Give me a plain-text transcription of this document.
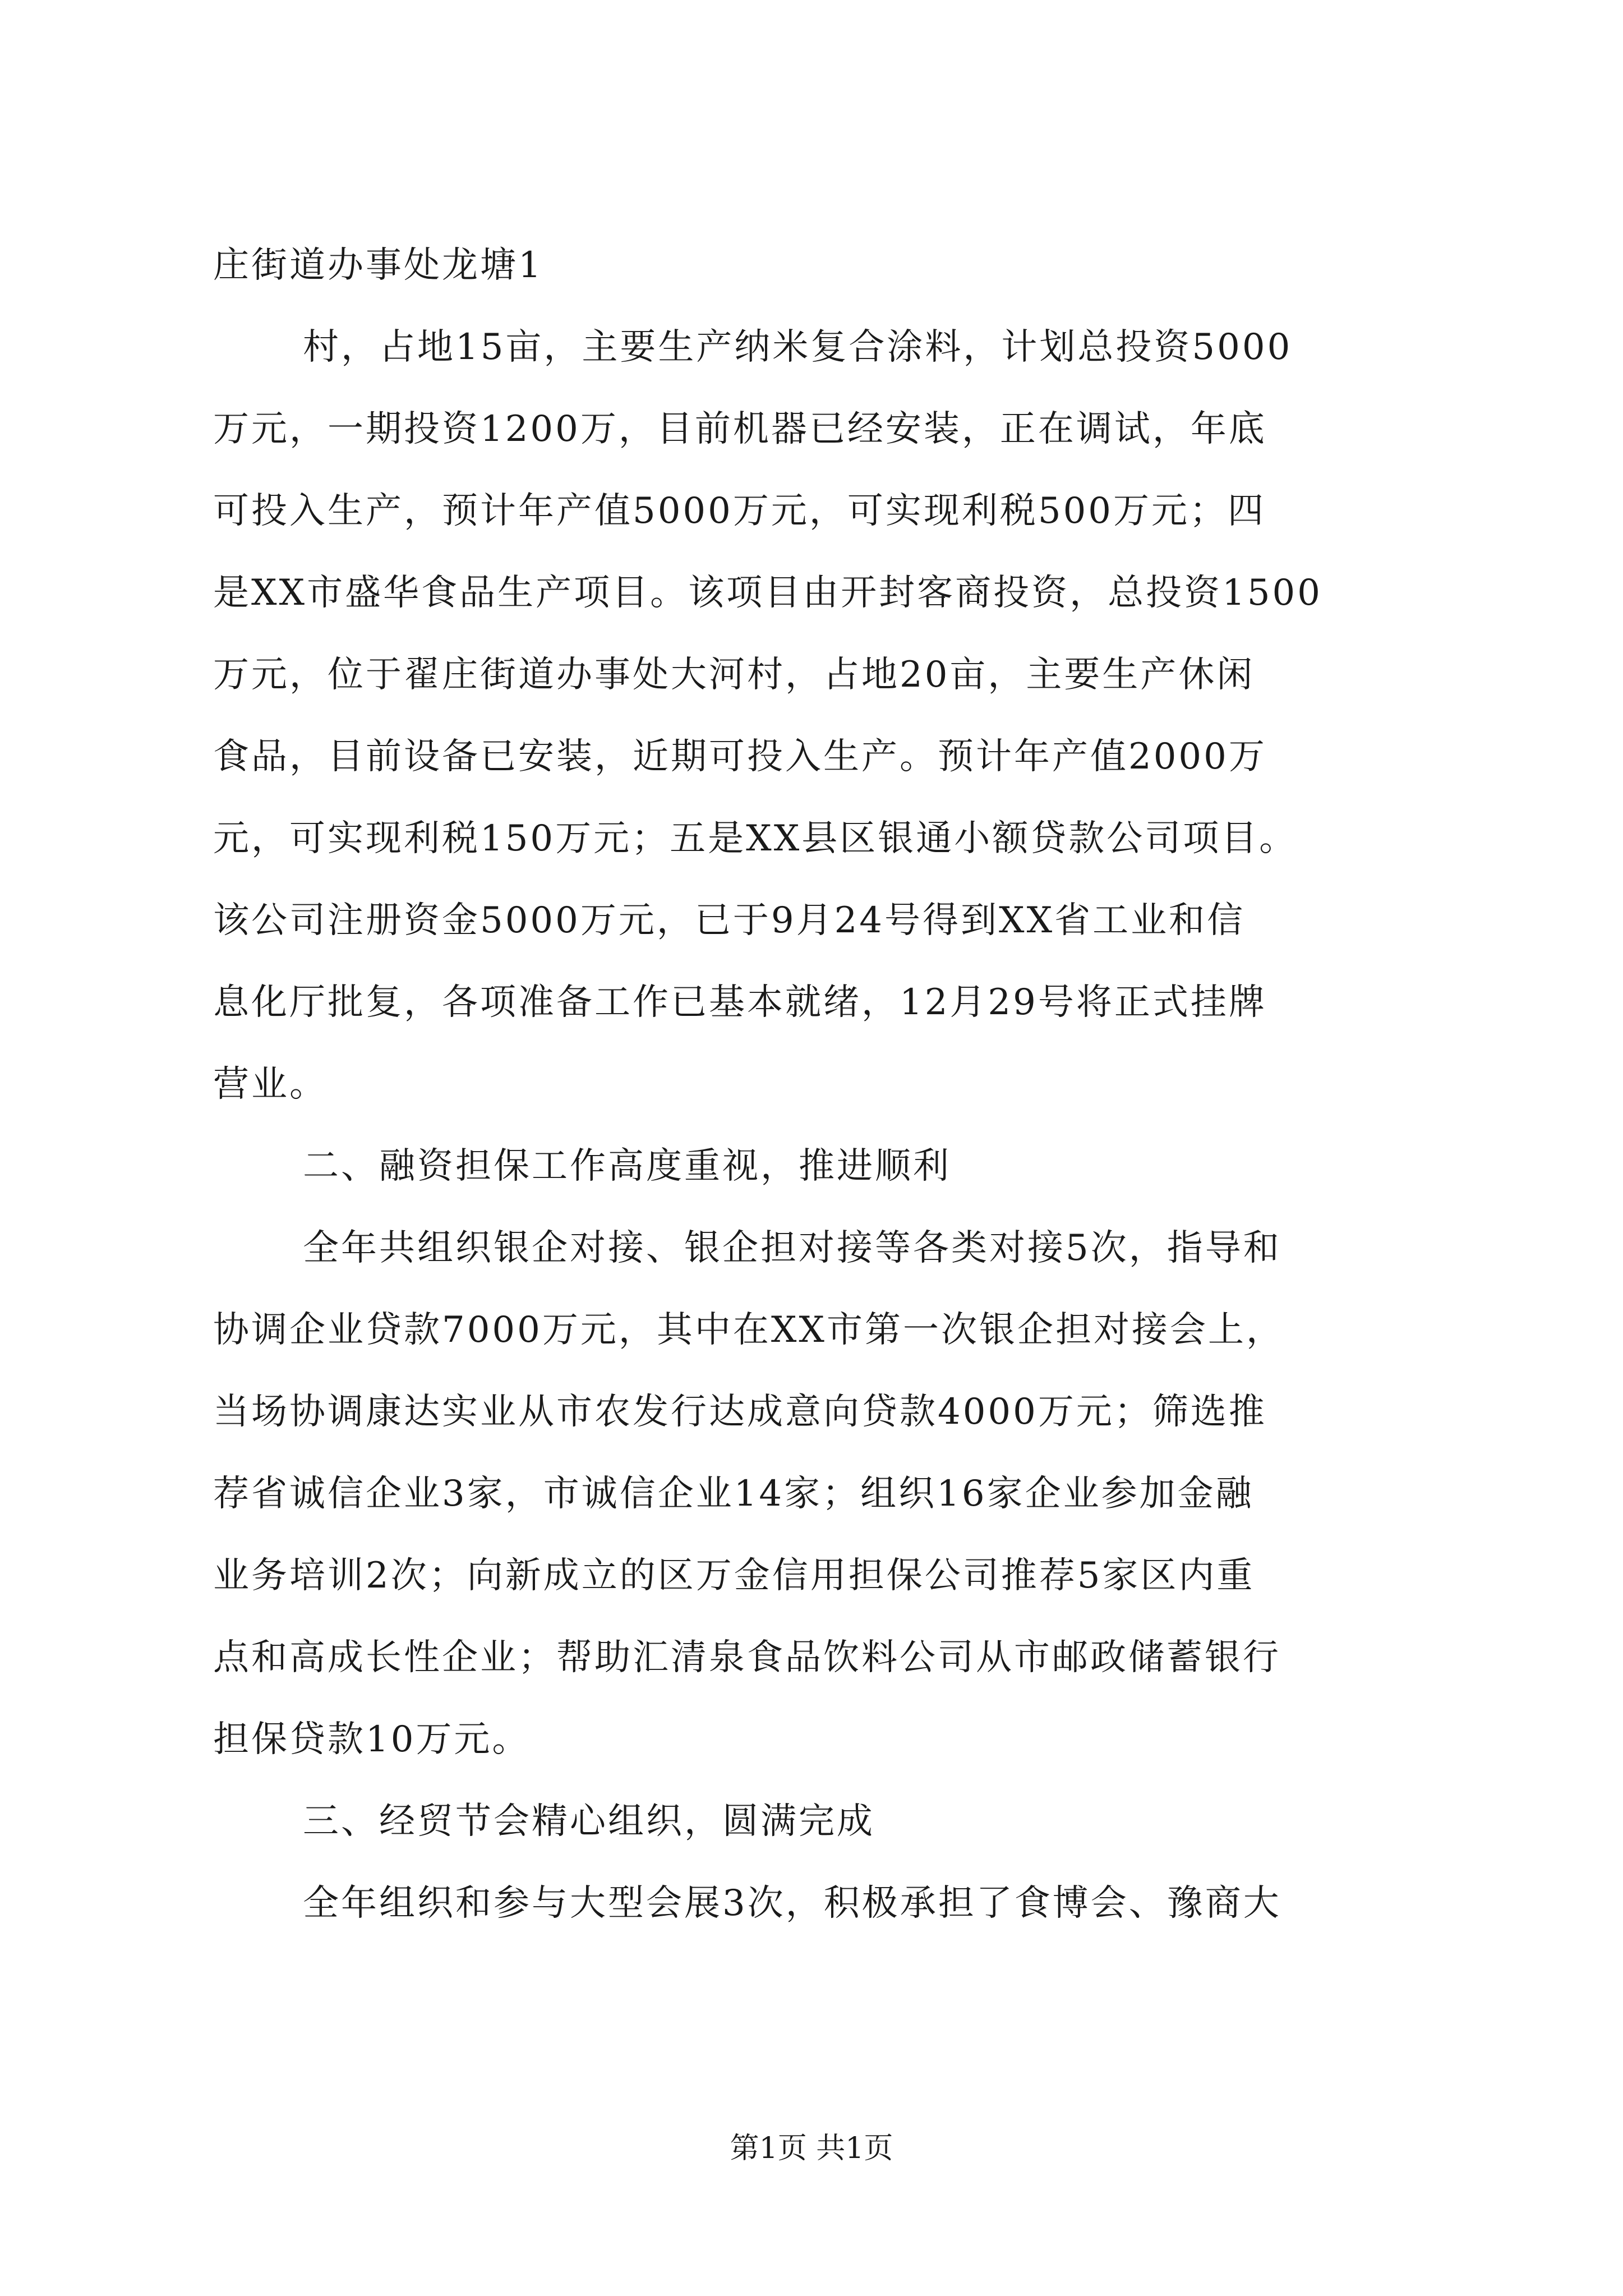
庄街道办事处龙塘1
村，占地15亩，主要生产纳米复合涂料，计划总投资5000
万元，一期投资1200万，目前机器已经安装，正在调试，年底
可投入生产，预计年产值5000万元，可实现利税500万元；四
是XX市盛华食品生产项目。该项目由开封客商投资，总投资1500
万元，位于翟庄街道办事处大河村，占地20亩，主要生产休闲
食品，目前设备已安装，近期可投入生产。预计年产值2000万
元，可实现利税150万元；五是XX县区银通小额贷款公司项目。
该公司注册资金5000万元，已于9月24号得到XX省工业和信
息化厅批复，各项准备工作已基本就绪，12月29号将正式挂牌
营业。
二、融资担保工作高度重视，推进顺利
全年共组织银企对接、银企担对接等各类对接5次，指导和
协调企业贷款7000万元，其中在XX市第一次银企担对接会上，
当场协调康达实业从市农发行达成意向贷款4000万元；筛选推
荐省诚信企业3家，市诚信企业14家；组织16家企业参加金融
业务培训2次；向新成立的区万金信用担保公司推荐5家区内重
点和高成长性企业；帮助汇清泉食品饮料公司从市邮政储蓄银行
担保贷款10万元。
三、经贸节会精心组织，圆满完成
全年组织和参与大型会展3次，积极承担了食博会、豫商大
第1页 共1页
